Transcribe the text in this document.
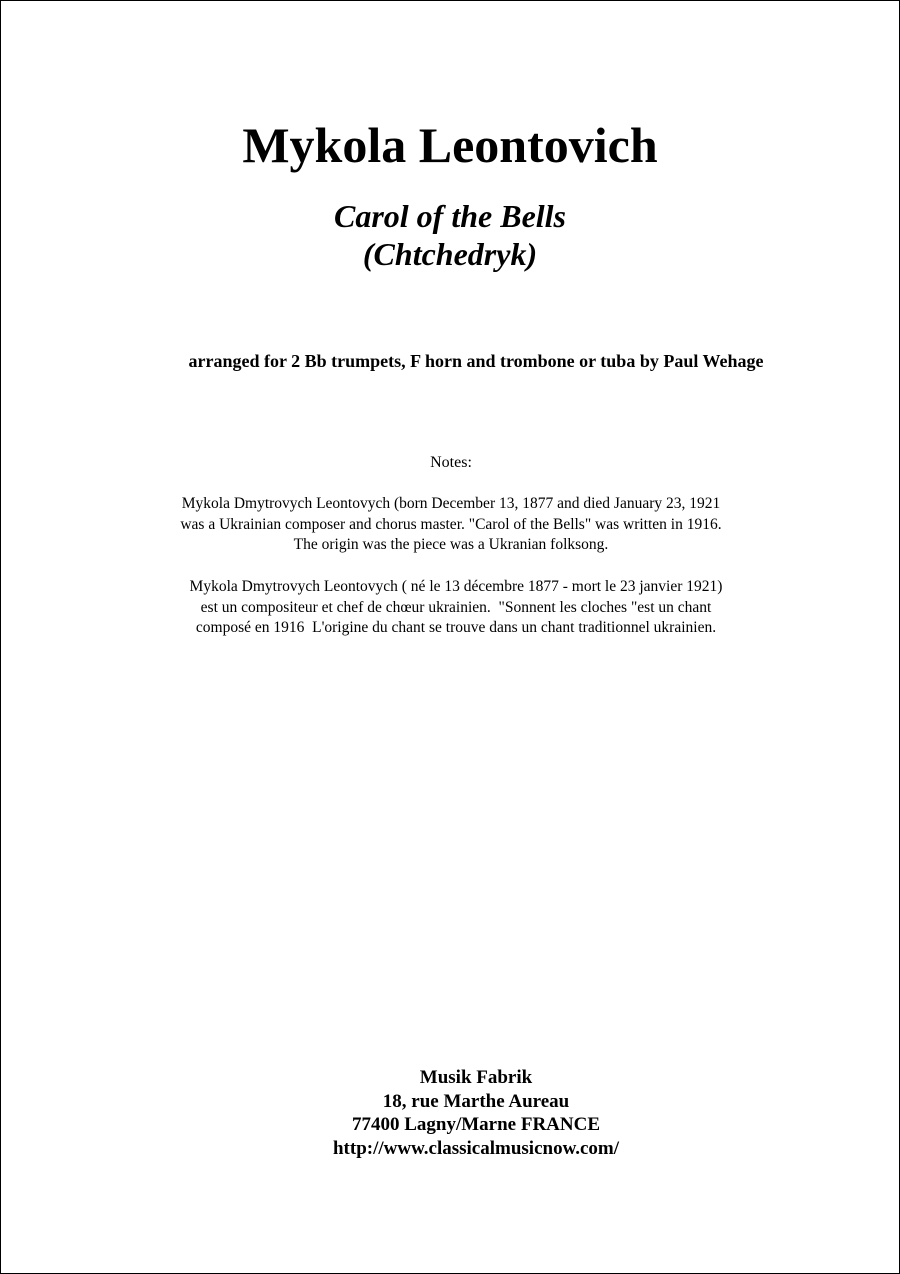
Mykola Leontovich
Carol of the Bells
(Chtchedryk)
arranged for 2 Bb trumpets, F horn and trombone or tuba by Paul Wehage
Notes:
Mykola Dmytrovych Leontovych (born December 13, 1877 and died January 23, 1921
was a Ukrainian composer and chorus master. "Carol of the Bells" was written in 1916.
The origin was the piece was a Ukranian folksong.
Mykola Dmytrovych Leontovych ( né le 13 décembre 1877 - mort le 23 janvier 1921)
est un compositeur et chef de chœur ukrainien.  "Sonnent les cloches "est un chant
composé en 1916  L'origine du chant se trouve dans un chant traditionnel ukrainien.
Musik Fabrik
18, rue Marthe Aureau
77400 Lagny/Marne FRANCE
http://www.classicalmusicnow.com/
